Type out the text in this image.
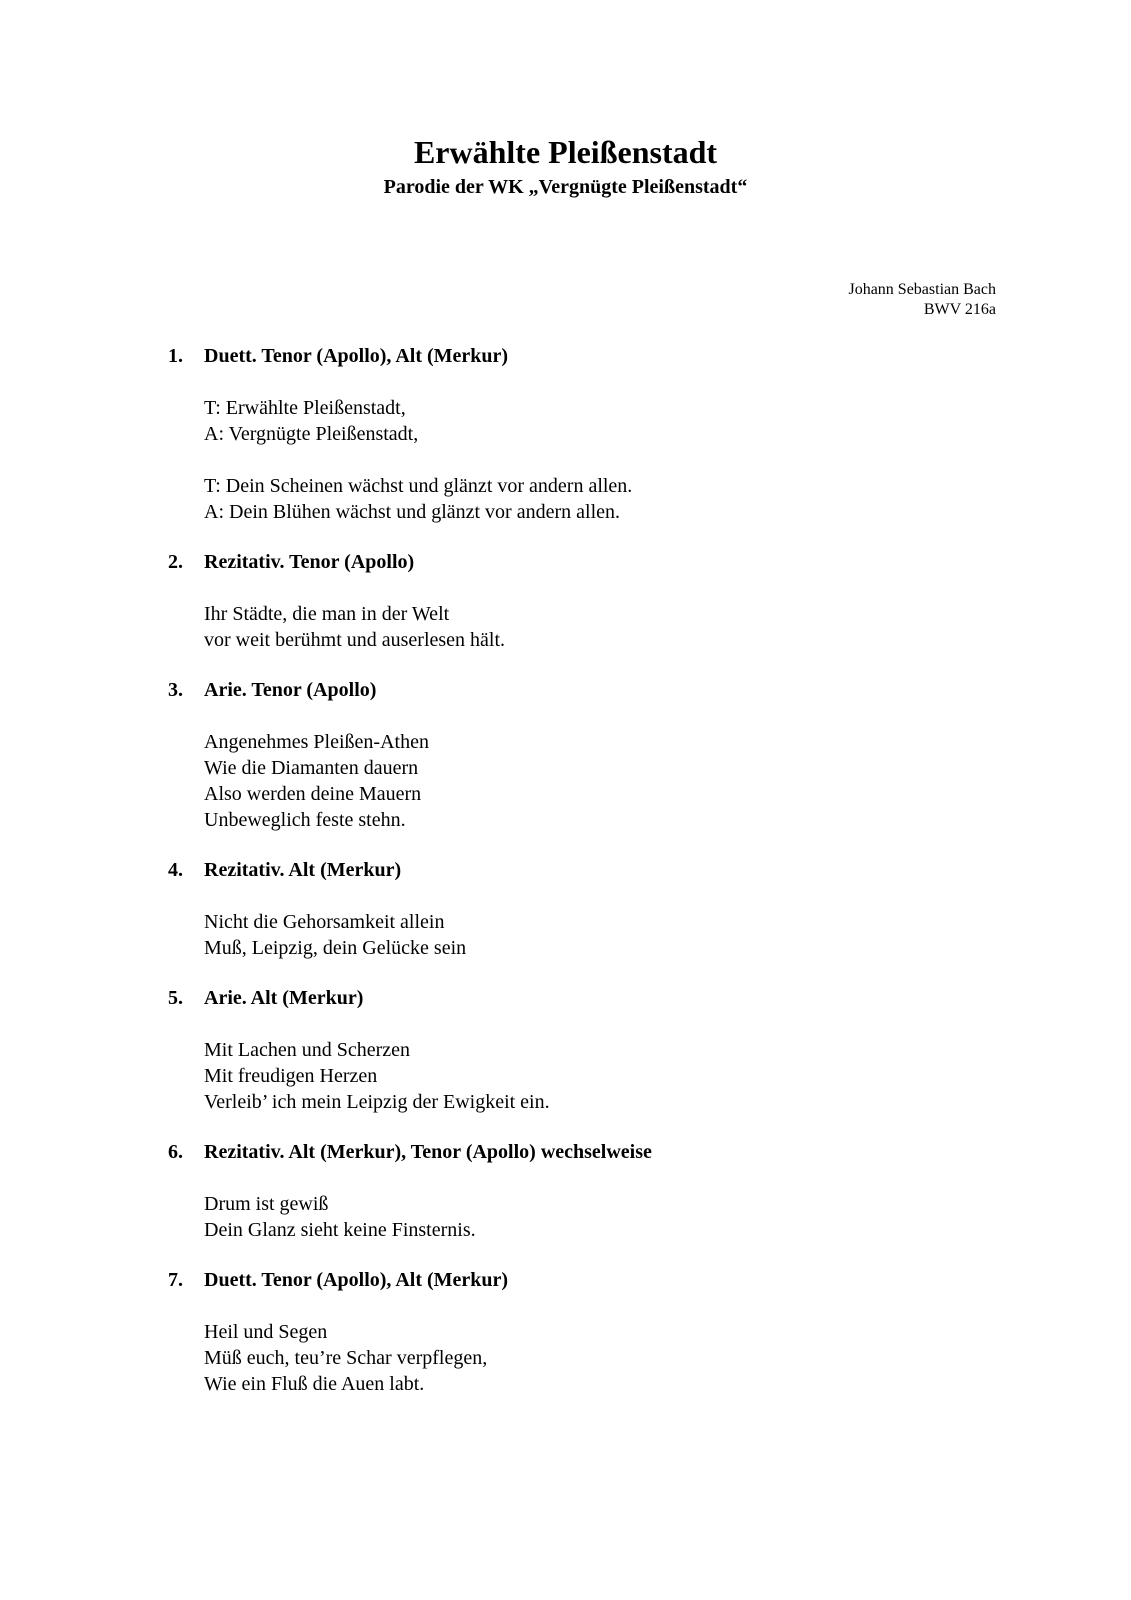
Erwählte Pleißenstadt
Parodie der WK „Vergnügte Pleißenstadt“
Johann Sebastian Bach
BWV 216a
1.	Duett. Tenor (Apollo), Alt (Merkur)
T: Erwählte Pleißenstadt,
A: Vergnügte Pleißenstadt,
T: Dein Scheinen wächst und glänzt vor andern allen.
A: Dein Blühen wächst und glänzt vor andern allen.
2.	Rezitativ. Tenor (Apollo)
Ihr Städte, die man in der Welt
vor weit berühmt und auserlesen hält.
3.	Arie. Tenor (Apollo)
Angenehmes Pleißen-Athen
Wie die Diamanten dauern
Also werden deine Mauern
Unbeweglich feste stehn.
4.	Rezitativ. Alt (Merkur)
Nicht die Gehorsamkeit allein
Muß, Leipzig, dein Gelücke sein
5.	Arie. Alt (Merkur)
Mit Lachen und Scherzen
Mit freudigen Herzen
Verleib’ ich mein Leipzig der Ewigkeit ein.
6.	Rezitativ. Alt (Merkur), Tenor (Apollo) wechselweise
Drum ist gewiß
Dein Glanz sieht keine Finsternis.
7.	Duett. Tenor (Apollo), Alt (Merkur)
Heil und Segen
Müß euch, teu’re Schar verpflegen,
Wie ein Fluß die Auen labt.
